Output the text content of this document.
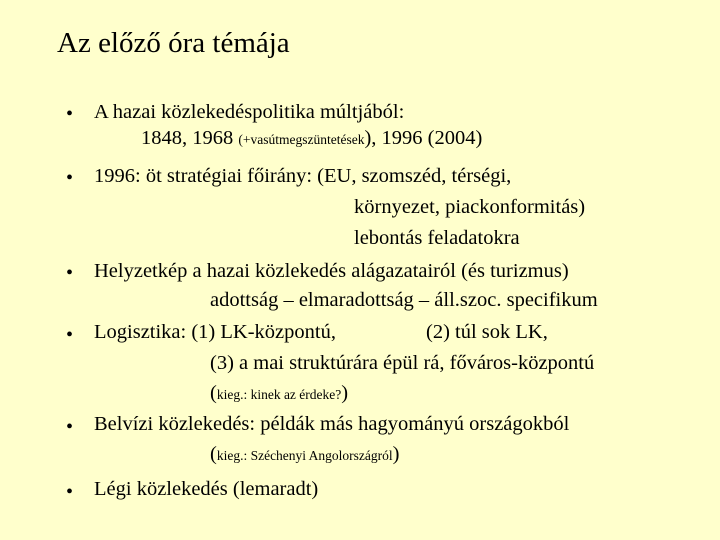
Az előző óra témája
• A hazai közlekedéspolitika múltjából:
1848, 1968 (+vasútmegszüntetések), 1996 (2004)
• 1996: öt stratégiai főirány: (EU, szomszéd, térségi,
környezet, piackonformitás)
lebontás feladatokra
• Helyzetkép a hazai közlekedés alágazatairól (és turizmus)
adottság – elmaradottság – áll.szoc. specifikum
• Logisztika: (1) LK-központú,	(2) túl sok LK,
(3) a mai struktúrára épül rá, főváros-központú
(kieg.: kinek az érdeke?)
• Belvízi közlekedés: példák más hagyományú országokból
(kieg.: Széchenyi Angolországról)
• Légi közlekedés (lemaradt)
